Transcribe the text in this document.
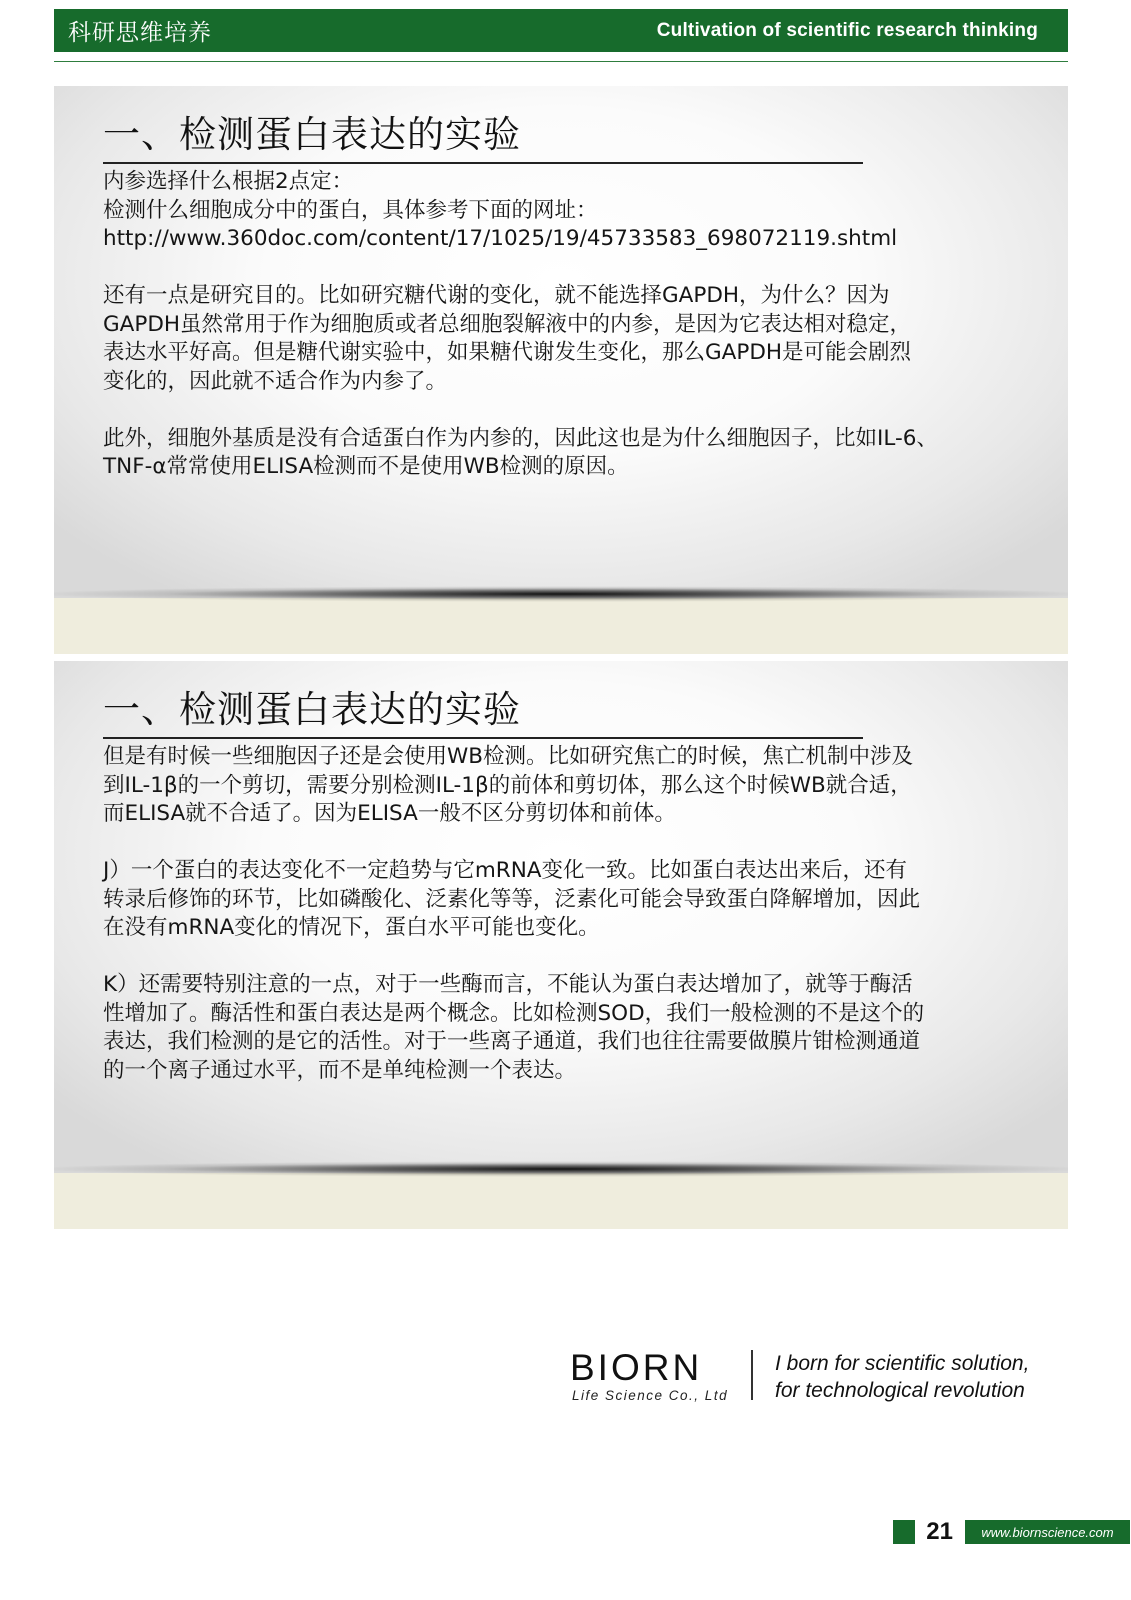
科研思维培养	Cultivation of scientific research thinking
一、检测蛋白表达的实验

内参选择什么根据2点定：
检测什么细胞成分中的蛋白，具体参考下面的网址：
http://www.360doc.com/content/17/1025/19/45733583_698072119.shtml

还有一点是研究目的。比如研究糖代谢的变化，就不能选择GAPDH，为什么？因为
GAPDH虽然常用于作为细胞质或者总细胞裂解液中的内参，是因为它表达相对稳定，
表达水平好高。但是糖代谢实验中，如果糖代谢发生变化，那么GAPDH是可能会剧烈
变化的，因此就不适合作为内参了。

此外，细胞外基质是没有合适蛋白作为内参的，因此这也是为什么细胞因子，比如IL-6、
TNF-α常常使用ELISA检测而不是使用WB检测的原因。

一、检测蛋白表达的实验

但是有时候一些细胞因子还是会使用WB检测。比如研究焦亡的时候，焦亡机制中涉及
到IL-1β的一个剪切，需要分别检测IL-1β的前体和剪切体，那么这个时候WB就合适，
而ELISA就不合适了。因为ELISA一般不区分剪切体和前体。

J）一个蛋白的表达变化不一定趋势与它mRNA变化一致。比如蛋白表达出来后，还有
转录后修饰的环节，比如磷酸化、泛素化等等，泛素化可能会导致蛋白降解增加，因此
在没有mRNA变化的情况下，蛋白水平可能也变化。

K）还需要特别注意的一点，对于一些酶而言，不能认为蛋白表达增加了，就等于酶活
性增加了。酶活性和蛋白表达是两个概念。比如检测SOD，我们一般检测的不是这个的
表达，我们检测的是它的活性。对于一些离子通道，我们也往往需要做膜片钳检测通道
的一个离子通过水平，而不是单纯检测一个表达。

BIORN
Life Science Co., Ltd
I born for scientific solution,
for technological revolution
21	www.biornscience.com
